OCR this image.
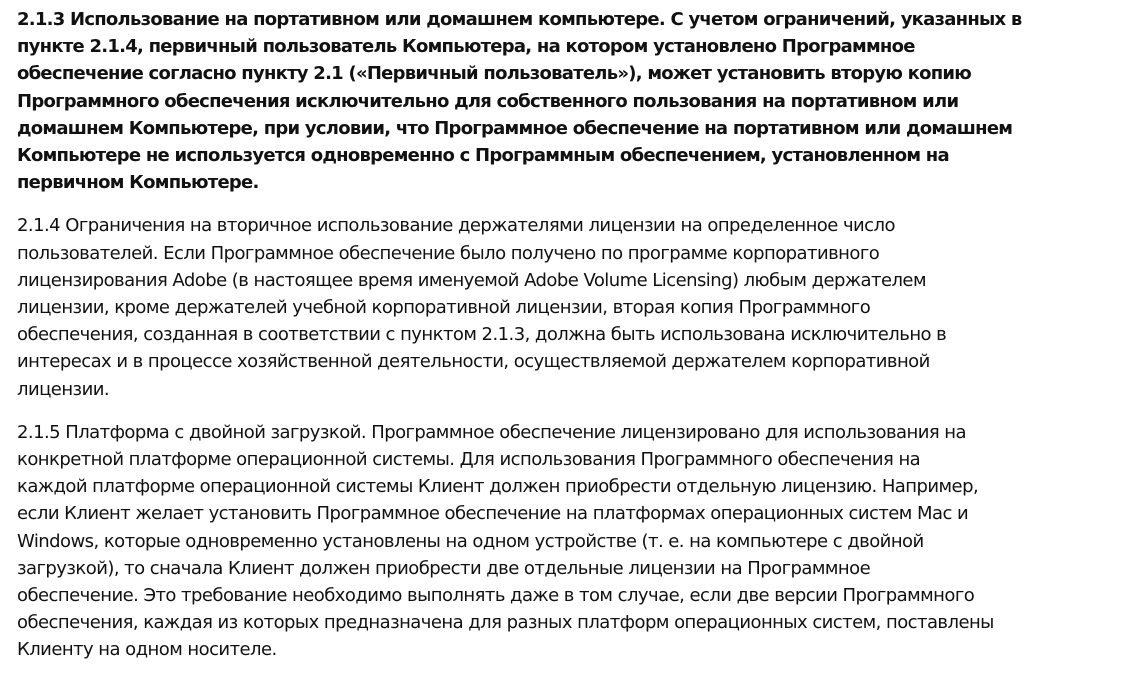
2.1.3 Использование на портативном или домашнем компьютере. С учетом ограничений, указанных в
пункте 2.1.4, первичный пользователь Компьютера, на котором установлено Программное
обеспечение согласно пункту 2.1 («Первичный пользователь»), может установить вторую копию
Программного обеспечения исключительно для собственного пользования на портативном или
домашнем Компьютере, при условии, что Программное обеспечение на портативном или домашнем
Компьютере не используется одновременно с Программным обеспечением, установленном на
первичном Компьютере.
2.1.4 Ограничения на вторичное использование держателями лицензии на определенное число
пользователей. Если Программное обеспечение было получено по программе корпоративного
лицензирования Adobe (в настоящее время именуемой Adobe Volume Licensing) любым держателем
лицензии, кроме держателей учебной корпоративной лицензии, вторая копия Программного
обеспечения, созданная в соответствии с пунктом 2.1.3, должна быть использована исключительно в
интересах и в процессе хозяйственной деятельности, осуществляемой держателем корпоративной
лицензии.
2.1.5 Платформа с двойной загрузкой. Программное обеспечение лицензировано для использования на
конкретной платформе операционной системы. Для использования Программного обеспечения на
каждой платформе операционной системы Клиент должен приобрести отдельную лицензию. Например,
если Клиент желает установить Программное обеспечение на платформах операционных систем Mac и
Windows, которые одновременно установлены на одном устройстве (т. е. на компьютере с двойной
загрузкой), то сначала Клиент должен приобрести две отдельные лицензии на Программное
обеспечение. Это требование необходимо выполнять даже в том случае, если две версии Программного
обеспечения, каждая из которых предназначена для разных платформ операционных систем, поставлены
Клиенту на одном носителе.
